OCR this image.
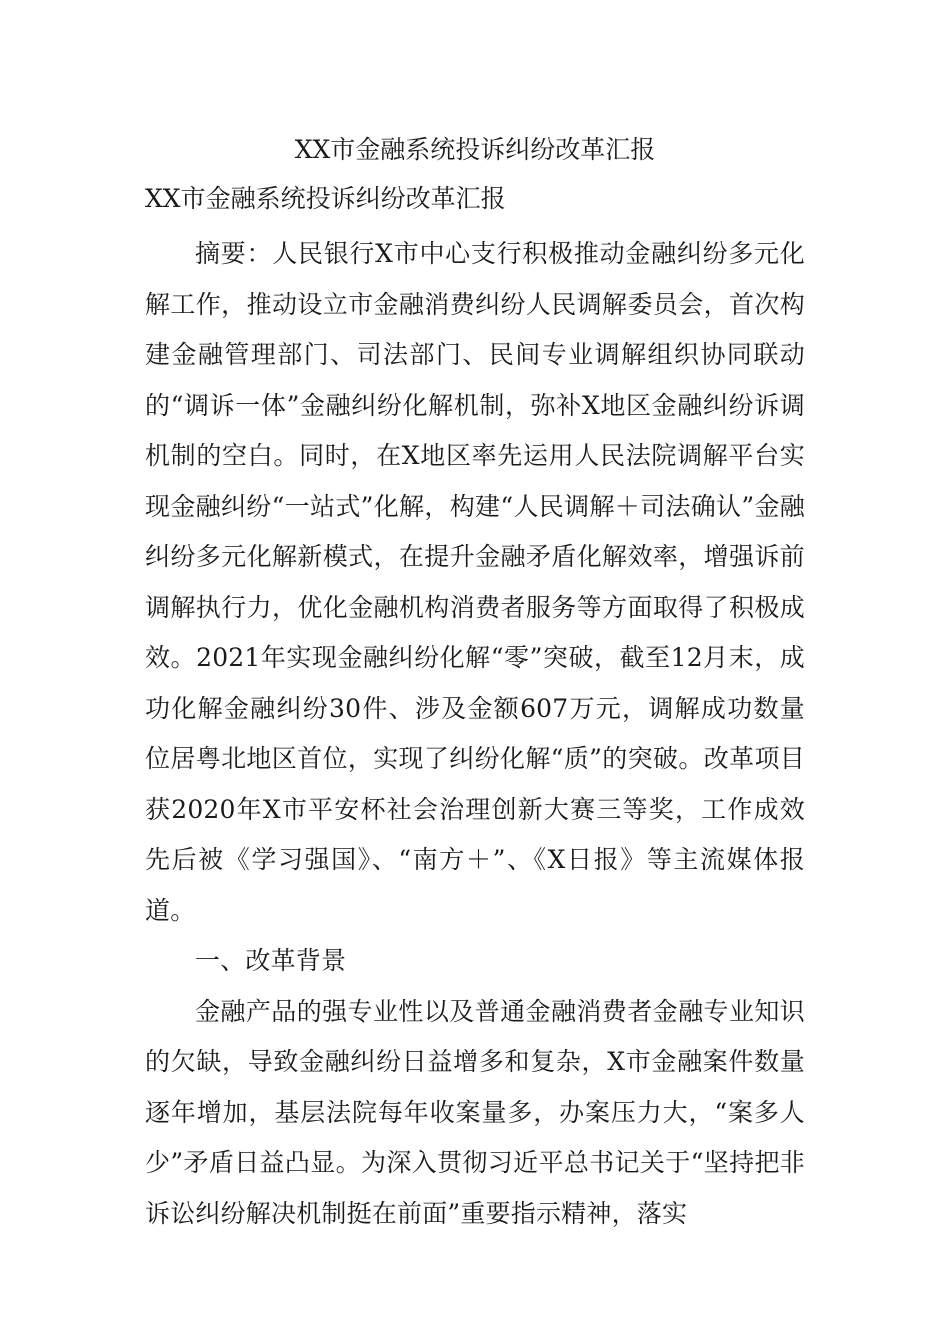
XX市金融系统投诉纠纷改革汇报
XX市金融系统投诉纠纷改革汇报

摘要：人民银行X市中心支行积极推动金融纠纷多元化解工作，推动设立市金融消费纠纷人民调解委员会，首次构建金融管理部门、司法部门、民间专业调解组织协同联动的“调诉一体”金融纠纷化解机制，弥补X地区金融纠纷诉调机制的空白。同时，在X地区率先运用人民法院调解平台实现金融纠纷“一站式”化解，构建“人民调解＋司法确认”金融纠纷多元化解新模式，在提升金融矛盾化解效率，增强诉前调解执行力，优化金融机构消费者服务等方面取得了积极成效。2021年实现金融纠纷化解“零”突破，截至12月末，成功化解金融纠纷30件、涉及金额607万元，调解成功数量位居粤北地区首位，实现了纠纷化解“质”的突破。改革项目获2020年X市平安杯社会治理创新大赛三等奖，工作成效先后被《学习强国》、“南方＋”、《X日报》等主流媒体报道。

一、改革背景

金融产品的强专业性以及普通金融消费者金融专业知识的欠缺，导致金融纠纷日益增多和复杂，X市金融案件数量逐年增加，基层法院每年收案量多，办案压力大，“案多人少”矛盾日益凸显。为深入贯彻习近平总书记关于“坚持把非诉讼纠纷解决机制挺在前面”重要指示精神，落实
